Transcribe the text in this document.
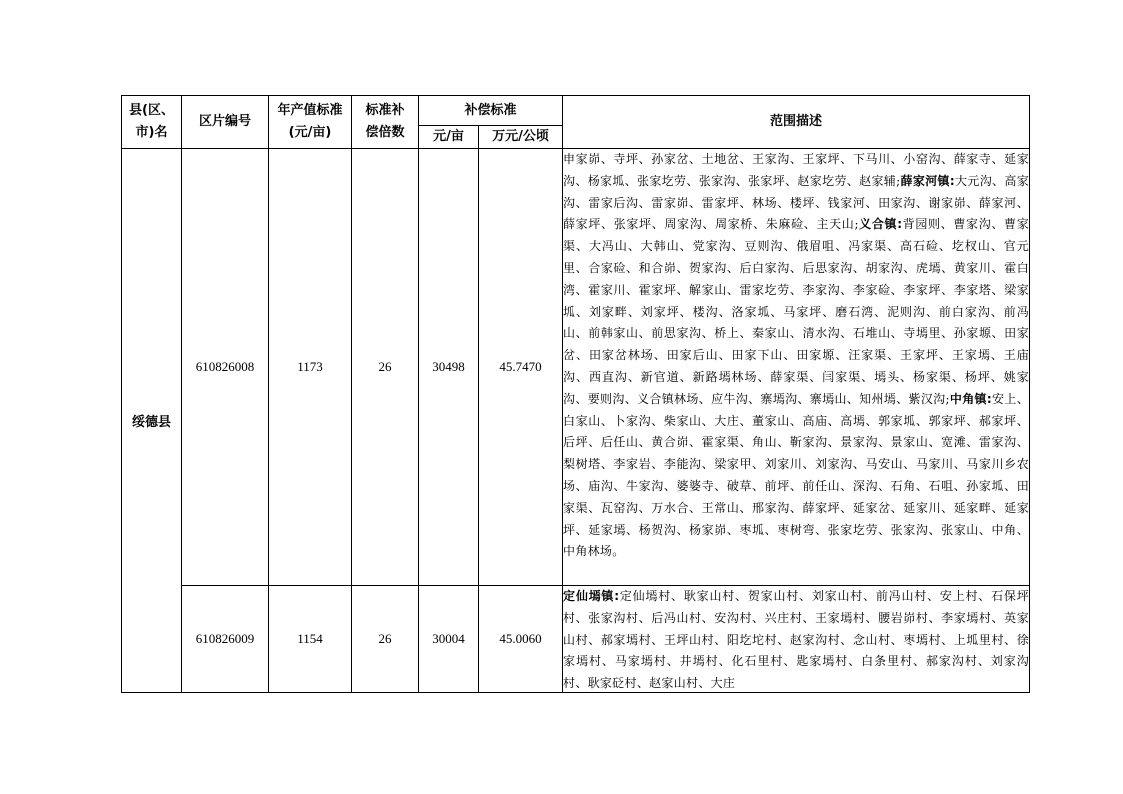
县(区、市)名	区片编号	年产值标准(元/亩)	标准补偿倍数	补偿标准		范围描述
				元/亩	万元/公顷	
绥德县	610826008	1173	26	30498	45.7470	申家峁、寺坪、孙家岔、土地岔、王家沟、王家坪、下马川、小窑沟、薛家寺、延家沟、杨家坬、张家圪劳、张家沟、张家坪、赵家圪劳、赵家辅;薛家河镇:大元沟、高家沟、雷家后沟、雷家峁、雷家坪、林场、楼坪、钱家河、田家沟、谢家峁、薛家河、薛家坪、张家坪、周家沟、周家桥、朱麻硷、主天山;义合镇:背园则、曹家沟、曹家渠、大冯山、大韩山、党家沟、豆则沟、俄眉咀、冯家渠、高石硷、圪杈山、官元里、合家硷、和合峁、贺家沟、后白家沟、后思家沟、胡家沟、虎墕、黄家川、霍白湾、霍家川、霍家坪、解家山、雷家圪劳、李家沟、李家硷、李家坪、李家塔、梁家坬、刘家畔、刘家坪、楼沟、洛家坬、马家坪、磨石湾、泥则沟、前白家沟、前冯山、前韩家山、前思家沟、桥上、秦家山、清水沟、石堆山、寺墕里、孙家塬、田家岔、田家岔林场、田家后山、田家下山、田家塬、汪家渠、王家坪、王家墕、王庙沟、西直沟、新官道、新路墕林场、薛家渠、闫家渠、墕头、杨家渠、杨坪、姚家沟、要则沟、义合镇林场、应牛沟、寨墕沟、寨墕山、知州墕、紫汉沟;中角镇:安上、白家山、卜家沟、柴家山、大庄、董家山、高庙、高墕、郭家坬、郭家坪、郝家坪、后坪、后任山、黄合峁、霍家渠、角山、靳家沟、景家沟、景家山、宽滩、雷家沟、梨树塔、李家岩、李能沟、梁家甲、刘家川、刘家沟、马安山、马家川、马家川乡农场、庙沟、牛家沟、婆婆寺、破草、前坪、前任山、深沟、石角、石咀、孙家坬、田家渠、瓦窑沟、万水合、王常山、邢家沟、薛家坪、延家岔、延家川、延家畔、延家坪、延家墕、杨贺沟、杨家峁、枣坬、枣树弯、张家圪劳、张家沟、张家山、中角、中角林场。

	610826009	1154	26	30004	45.0060	定仙墕镇:定仙墕村、耿家山村、贺家山村、刘家山村、前冯山村、安上村、石保坪村、张家沟村、后冯山村、安沟村、兴庄村、王家墕村、腰岩峁村、李家墕村、英家山村、郝家墕村、王坪山村、阳圪坨村、赵家沟村、念山村、枣墕村、上坬里村、徐家墕村、马家墕村、井墕村、化石里村、匙家墕村、白条里村、郝家沟村、刘家沟村、耿家砭村、赵家山村、大庄
